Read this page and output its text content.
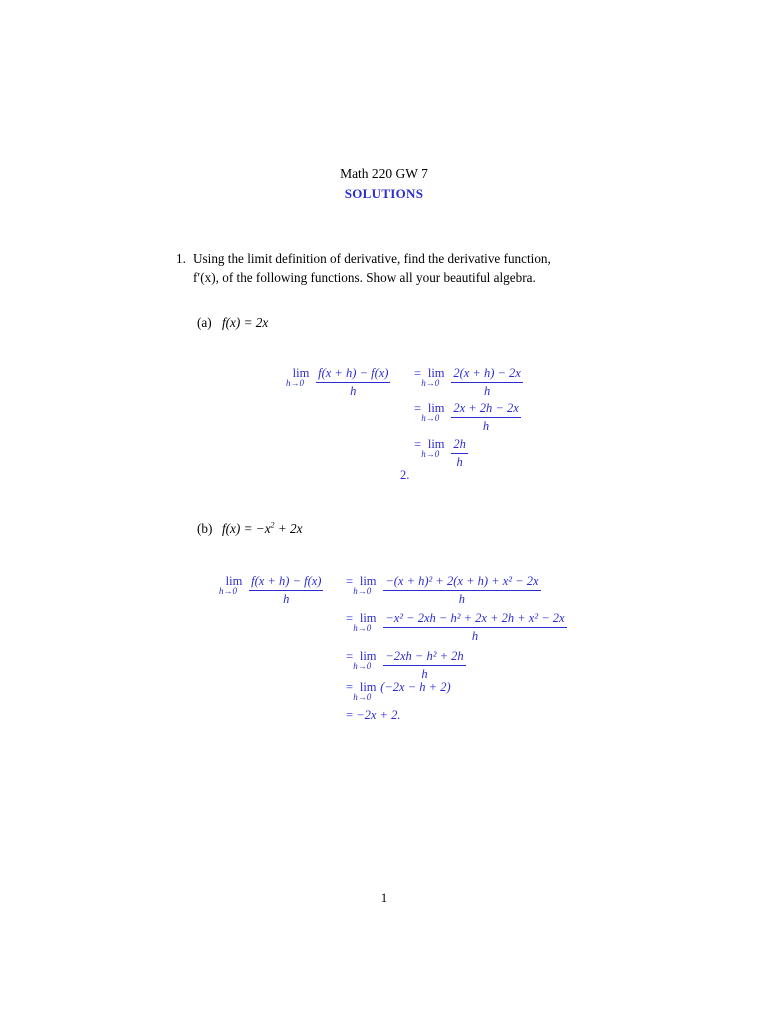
Math 220 GW 7
SOLUTIONS
1. Using the limit definition of derivative, find the derivative function,
f′(x), of the following functions. Show all your beautiful algebra.
(a) f(x) = 2x
lim
h→0
$\frac{f(x + h) - f(x)}{h} = \lim$
h→0
$\frac{2(x + h) - 2x}{h}$
= lim
h→0
$\frac{2x + 2h - 2x}{h}$
= lim
h→0
$\frac{2h}{h}$
2.
(b) $f(x) = -x^2 + 2x$
lim
h→0
$\frac{f(x + h) - f(x)}{h} = \lim$
h→0
$\frac{\text{−(x + h)² + 2(x + h) + x² − 2x}}{h}$
= lim
h→0
$\frac{\text{−x² − 2xh − h² + 2x + 2h + x² − 2x}}{h}$
= lim
h→0
$\frac{\text{−2xh − h² + 2h}}{h}$
= lim
h→0
(−2x − h + 2)
= −2x + 2.
1
